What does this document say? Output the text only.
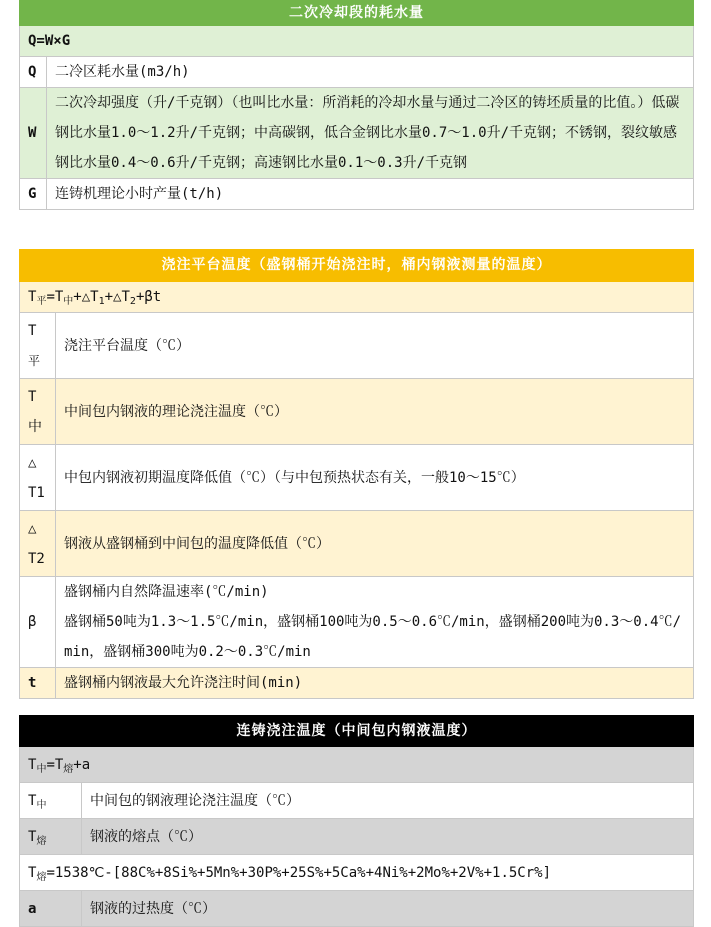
二次冷却段的耗水量	
Q=W×G	
Q	二冷区耗水量(m3/h)
W	二次冷却强度（升/千克钢）（也叫比水量：所消耗的冷却水量与通过二冷区的铸坯质量的比值。）低碳钢比水量1.0～1.2升/千克钢；中高碳钢，低合金钢比水量0.7～1.0升/千克钢；不锈钢，裂纹敏感钢比水量0.4～0.6升/千克钢；高速钢比水量0.1～0.3升/千克钢
G	连铸机理论小时产量(t/h)
浇注平台温度（盛钢桶开始浇注时，桶内钢液测量的温度）	
$T_平=T_中+\triangle T_1+\triangle T_2+\beta t$	

T
平	浇注平台温度（℃）

T
中	中间包内钢液的理论浇注温度（℃）

△
T1	中包内钢液初期温度降低值（℃）（与中包预热状态有关，一般10～15℃）

△
T2	钢液从盛钢桶到中间包的温度降低值（℃）
β	盛钢桶内自然降温速率(℃/min)
盛钢桶50吨为1.3～1.5℃/min，盛钢桶100吨为0.5～0.6℃/min，盛钢桶200吨为0.3～0.4℃/min，盛钢桶300吨为0.2～0.3℃/min

t	盛钢桶内钢液最大允许浇注时间(min)
连铸浇注温度（中间包内钢液温度）	
$T_中=T_熔+a$	
$T_中$	中间包的钢液理论浇注温度（℃）
$T_熔$	钢液的熔点（℃）
$T_熔=1538℃-[88C\%+8Si\%+5Mn\%+30P\%+25S\%+5Ca\%+4Ni\%+2Mo\%+2V\%+1.5Cr\%]$	
a	钢液的过热度（℃）
